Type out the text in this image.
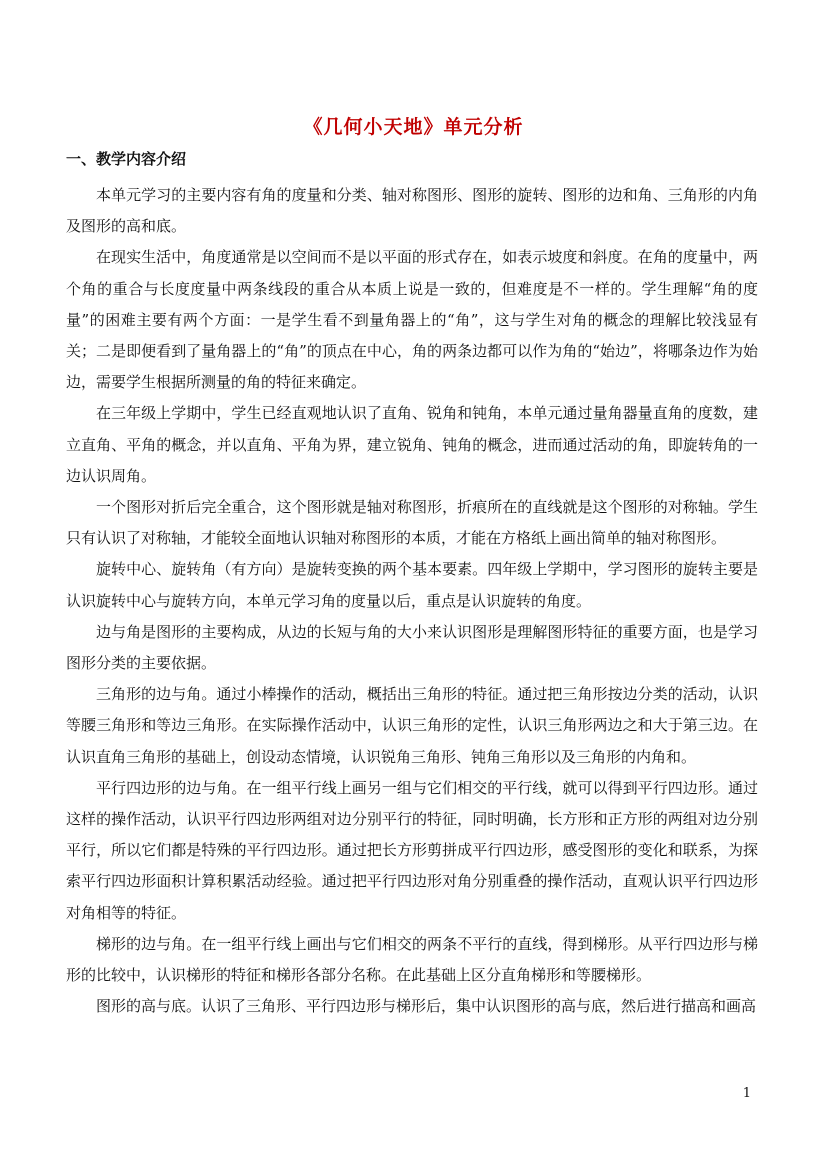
《几何小天地》单元分析
一、教学内容介绍

本单元学习的主要内容有角的度量和分类、轴对称图形、图形的旋转、图形的边和角、三角形的内角及图形的高和底。

在现实生活中，角度通常是以空间而不是以平面的形式存在，如表示坡度和斜度。在角的度量中，两个角的重合与长度度量中两条线段的重合从本质上说是一致的，但难度是不一样的。学生理解“角的度量”的困难主要有两个方面：一是学生看不到量角器上的“角”，这与学生对角的概念的理解比较浅显有关；二是即便看到了量角器上的“角”的顶点在中心，角的两条边都可以作为角的“始边”，将哪条边作为始边，需要学生根据所测量的角的特征来确定。

在三年级上学期中，学生已经直观地认识了直角、锐角和钝角，本单元通过量角器量直角的度数，建立直角、平角的概念，并以直角、平角为界，建立锐角、钝角的概念，进而通过活动的角，即旋转角的一边认识周角。

一个图形对折后完全重合，这个图形就是轴对称图形，折痕所在的直线就是这个图形的对称轴。学生只有认识了对称轴，才能较全面地认识轴对称图形的本质，才能在方格纸上画出简单的轴对称图形。

旋转中心、旋转角（有方向）是旋转变换的两个基本要素。四年级上学期中，学习图形的旋转主要是认识旋转中心与旋转方向，本单元学习角的度量以后，重点是认识旋转的角度。

边与角是图形的主要构成，从边的长短与角的大小来认识图形是理解图形特征的重要方面，也是学习图形分类的主要依据。

三角形的边与角。通过小棒操作的活动，概括出三角形的特征。通过把三角形按边分类的活动，认识等腰三角形和等边三角形。在实际操作活动中，认识三角形的定性，认识三角形两边之和大于第三边。在认识直角三角形的基础上，创设动态情境，认识锐角三角形、钝角三角形以及三角形的内角和。

平行四边形的边与角。在一组平行线上画另一组与它们相交的平行线，就可以得到平行四边形。通过这样的操作活动，认识平行四边形两组对边分别平行的特征，同时明确，长方形和正方形的两组对边分别平行，所以它们都是特殊的平行四边形。通过把长方形剪拼成平行四边形，感受图形的变化和联系，为探索平行四边形面积计算积累活动经验。通过把平行四边形对角分别重叠的操作活动，直观认识平行四边形对角相等的特征。

梯形的边与角。在一组平行线上画出与它们相交的两条不平行的直线，得到梯形。从平行四边形与梯形的比较中，认识梯形的特征和梯形各部分名称。在此基础上区分直角梯形和等腰梯形。

图形的高与底。认识了三角形、平行四边形与梯形后，集中认识图形的高与底，然后进行描高和画高

1
